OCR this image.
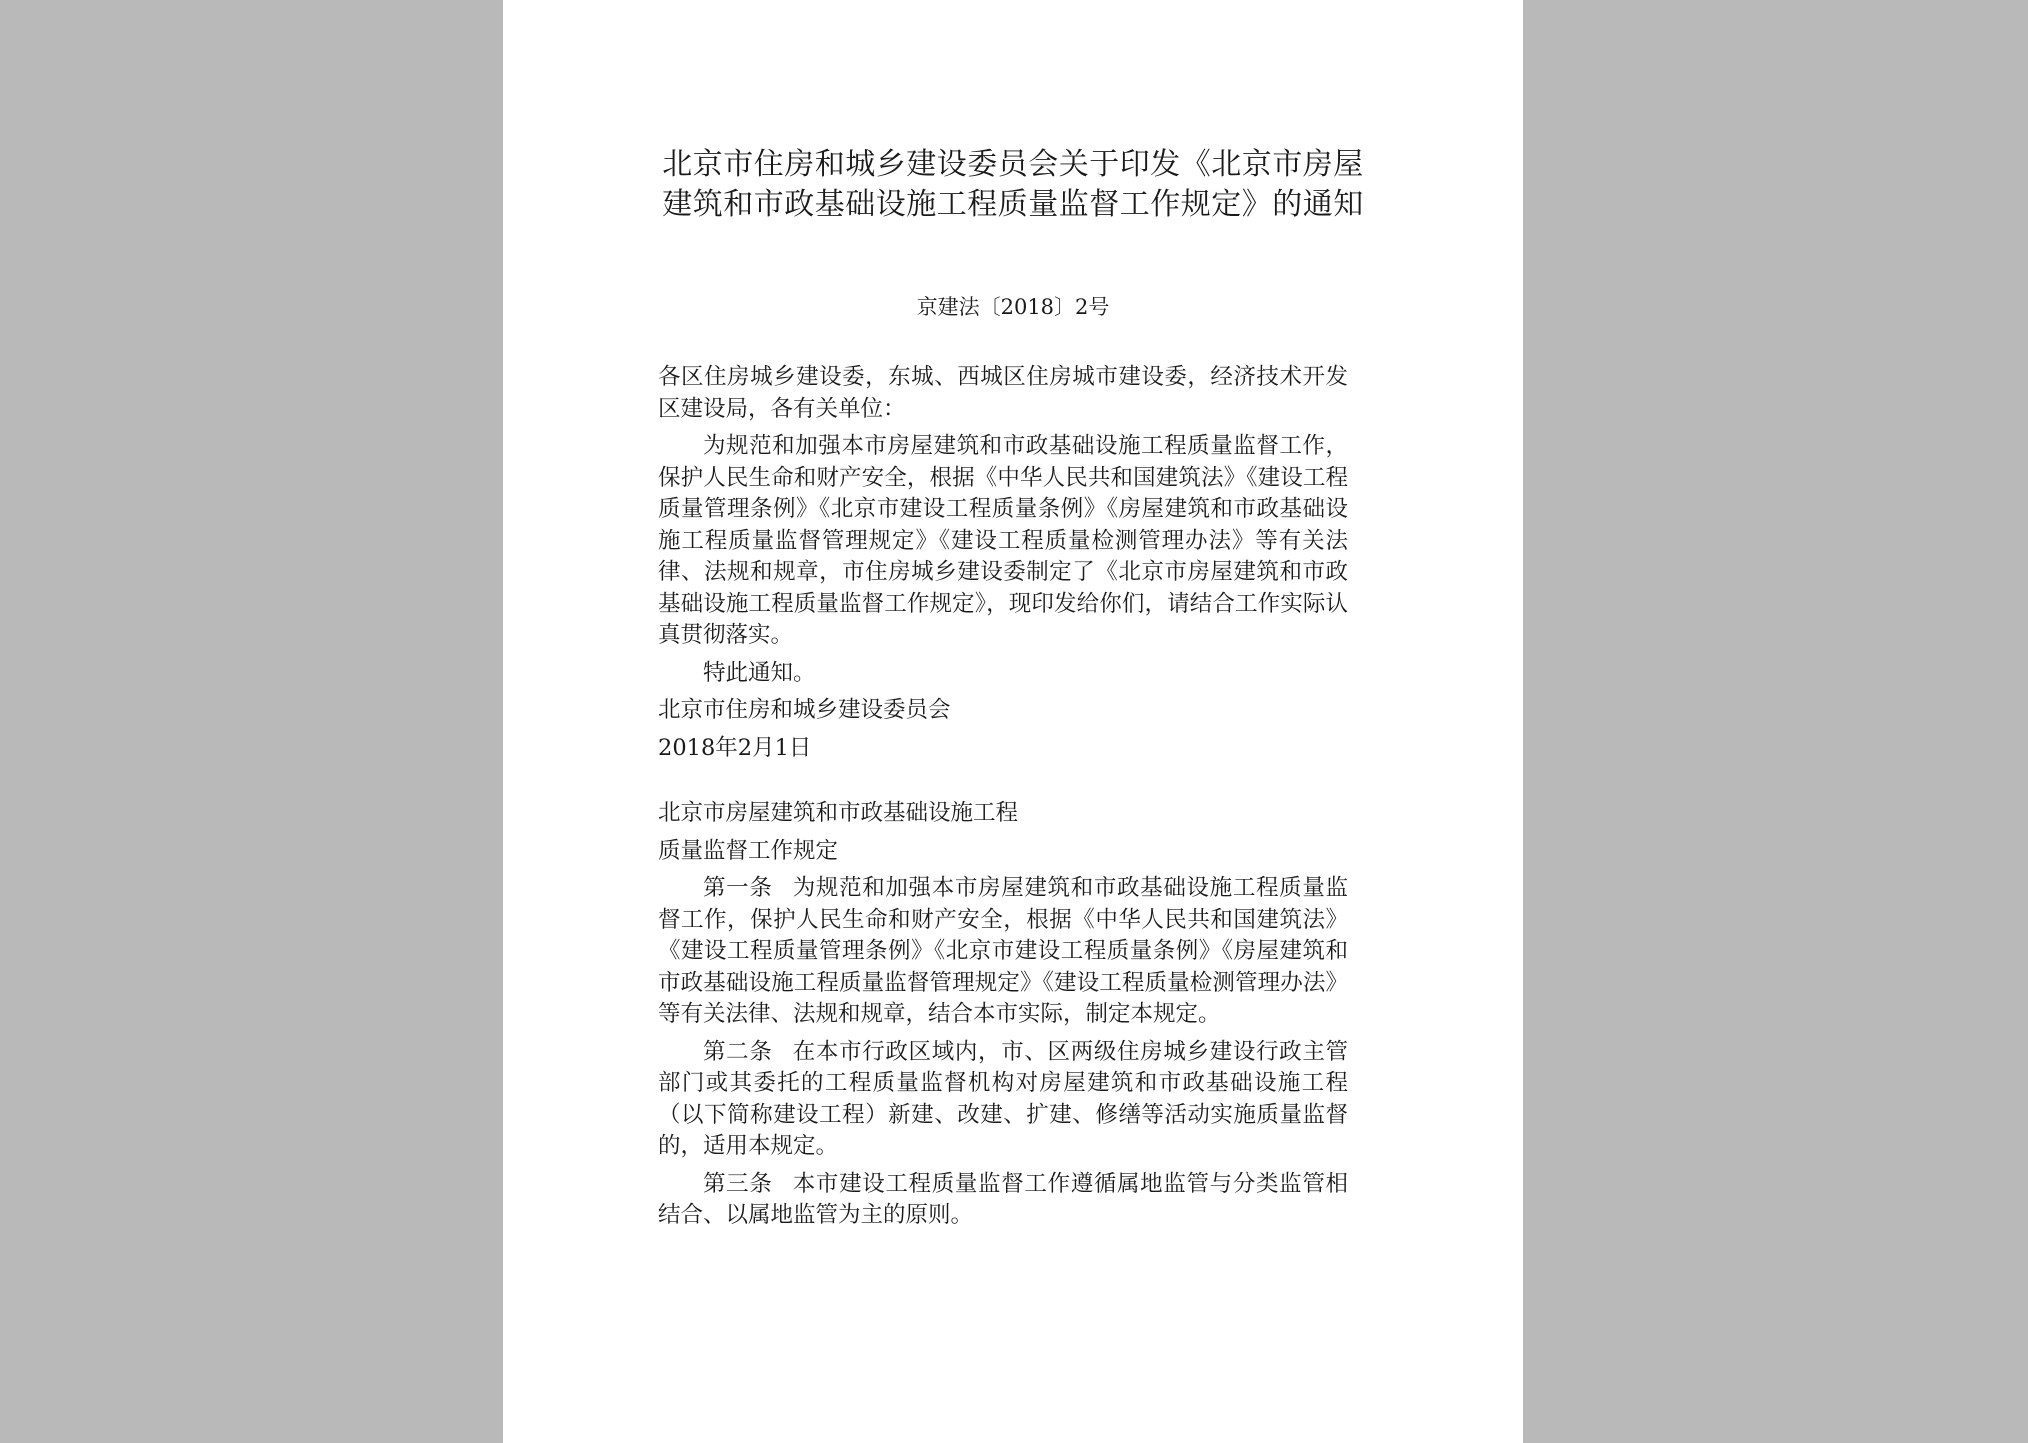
北京市住房和城乡建设委员会关于印发《北京市房屋建筑和市政基础设施工程质量监督工作规定》的通知
京建法〔2018〕2号

各区住房城乡建设委，东城、西城区住房城市建设委，经济技术开发区建设局，各有关单位：

为规范和加强本市房屋建筑和市政基础设施工程质量监督工作，保护人民生命和财产安全，根据《中华人民共和国建筑法》《建设工程质量管理条例》《北京市建设工程质量条例》《房屋建筑和市政基础设施工程质量监督管理规定》《建设工程质量检测管理办法》等有关法律、法规和规章，市住房城乡建设委制定了《北京市房屋建筑和市政基础设施工程质量监督工作规定》，现印发给你们，请结合工作实际认真贯彻落实。

特此通知。

北京市住房和城乡建设委员会

2018年2月1日

北京市房屋建筑和市政基础设施工程

质量监督工作规定

第一条 为规范和加强本市房屋建筑和市政基础设施工程质量监督工作，保护人民生命和财产安全，根据《中华人民共和国建筑法》《建设工程质量管理条例》《北京市建设工程质量条例》《房屋建筑和市政基础设施工程质量监督管理规定》《建设工程质量检测管理办法》等有关法律、法规和规章，结合本市实际，制定本规定。

第二条 在本市行政区域内，市、区两级住房城乡建设行政主管部门或其委托的工程质量监督机构对房屋建筑和市政基础设施工程（以下简称建设工程）新建、改建、扩建、修缮等活动实施质量监督的，适用本规定。

第三条 本市建设工程质量监督工作遵循属地监管与分类监管相结合、以属地监管为主的原则。
